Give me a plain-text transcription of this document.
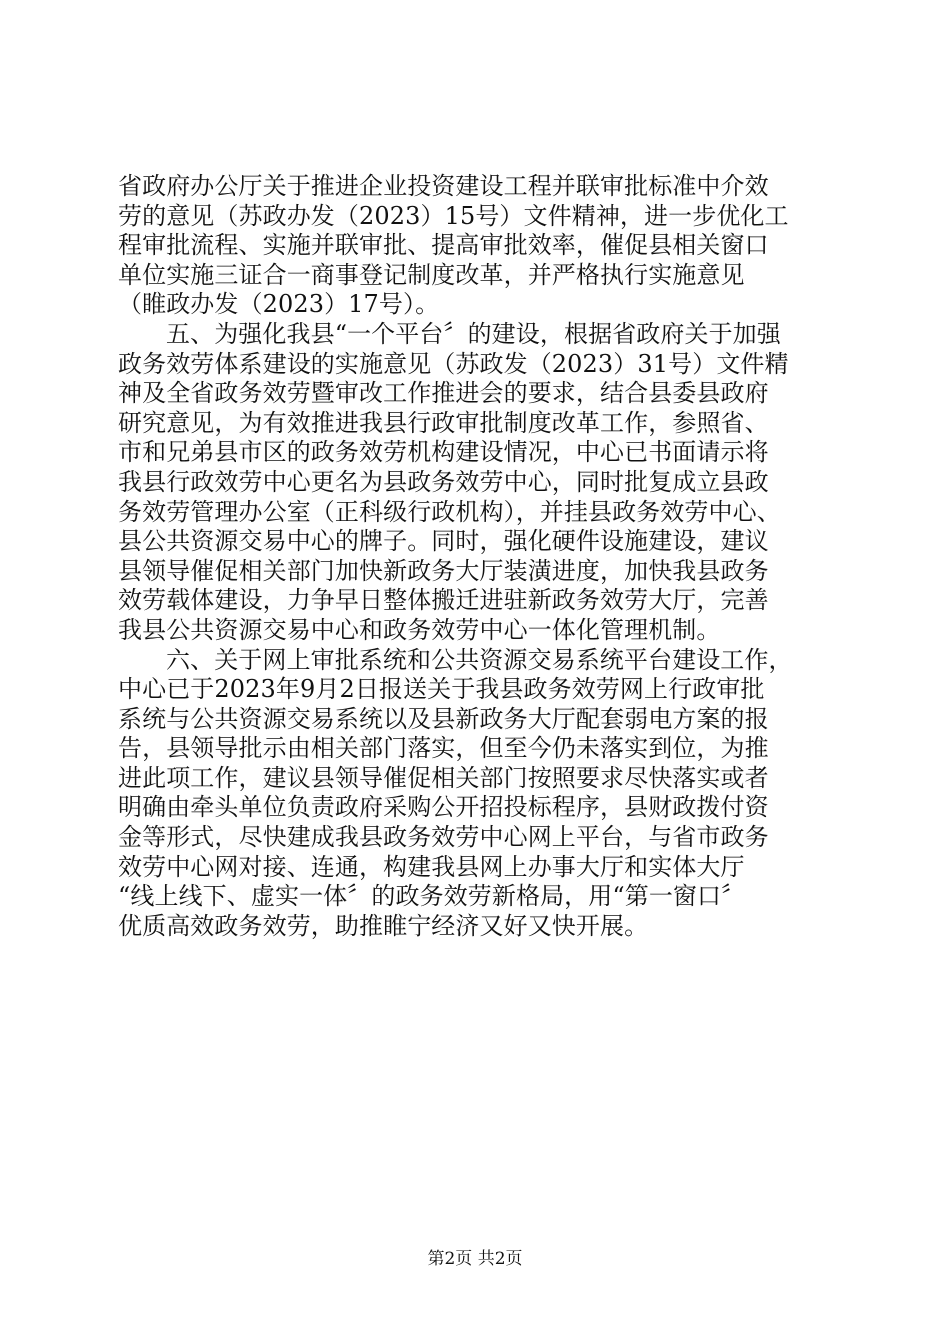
省政府办公厅关于推进企业投资建设工程并联审批标准中介效
劳的意见（苏政办发（2023）15号）文件精神，进一步优化工
程审批流程、实施并联审批、提高审批效率，催促县相关窗口
单位实施三证合一商事登记制度改革，并严格执行实施意见
（睢政办发（2023）17号）。
五、为强化我县“一个平台〞的建设，根据省政府关于加强
政务效劳体系建设的实施意见（苏政发（2023）31号）文件精
神及全省政务效劳暨审改工作推进会的要求，结合县委县政府
研究意见，为有效推进我县行政审批制度改革工作，参照省、
市和兄弟县市区的政务效劳机构建设情况，中心已书面请示将
我县行政效劳中心更名为县政务效劳中心，同时批复成立县政
务效劳管理办公室（正科级行政机构），并挂县政务效劳中心、
县公共资源交易中心的牌子。同时，强化硬件设施建设，建议
县领导催促相关部门加快新政务大厅装潢进度，加快我县政务
效劳载体建设，力争早日整体搬迁进驻新政务效劳大厅，完善
我县公共资源交易中心和政务效劳中心一体化管理机制。
六、关于网上审批系统和公共资源交易系统平台建设工作，
中心已于2023年9月2日报送关于我县政务效劳网上行政审批
系统与公共资源交易系统以及县新政务大厅配套弱电方案的报
告，县领导批示由相关部门落实，但至今仍未落实到位，为推
进此项工作，建议县领导催促相关部门按照要求尽快落实或者
明确由牵头单位负责政府采购公开招投标程序，县财政拨付资
金等形式，尽快建成我县政务效劳中心网上平台，与省市政务
效劳中心网对接、连通，构建我县网上办事大厅和实体大厅
“线上线下、虚实一体〞的政务效劳新格局，用“第一窗口〞
优质高效政务效劳，助推睢宁经济又好又快开展。
第2页 共2页
